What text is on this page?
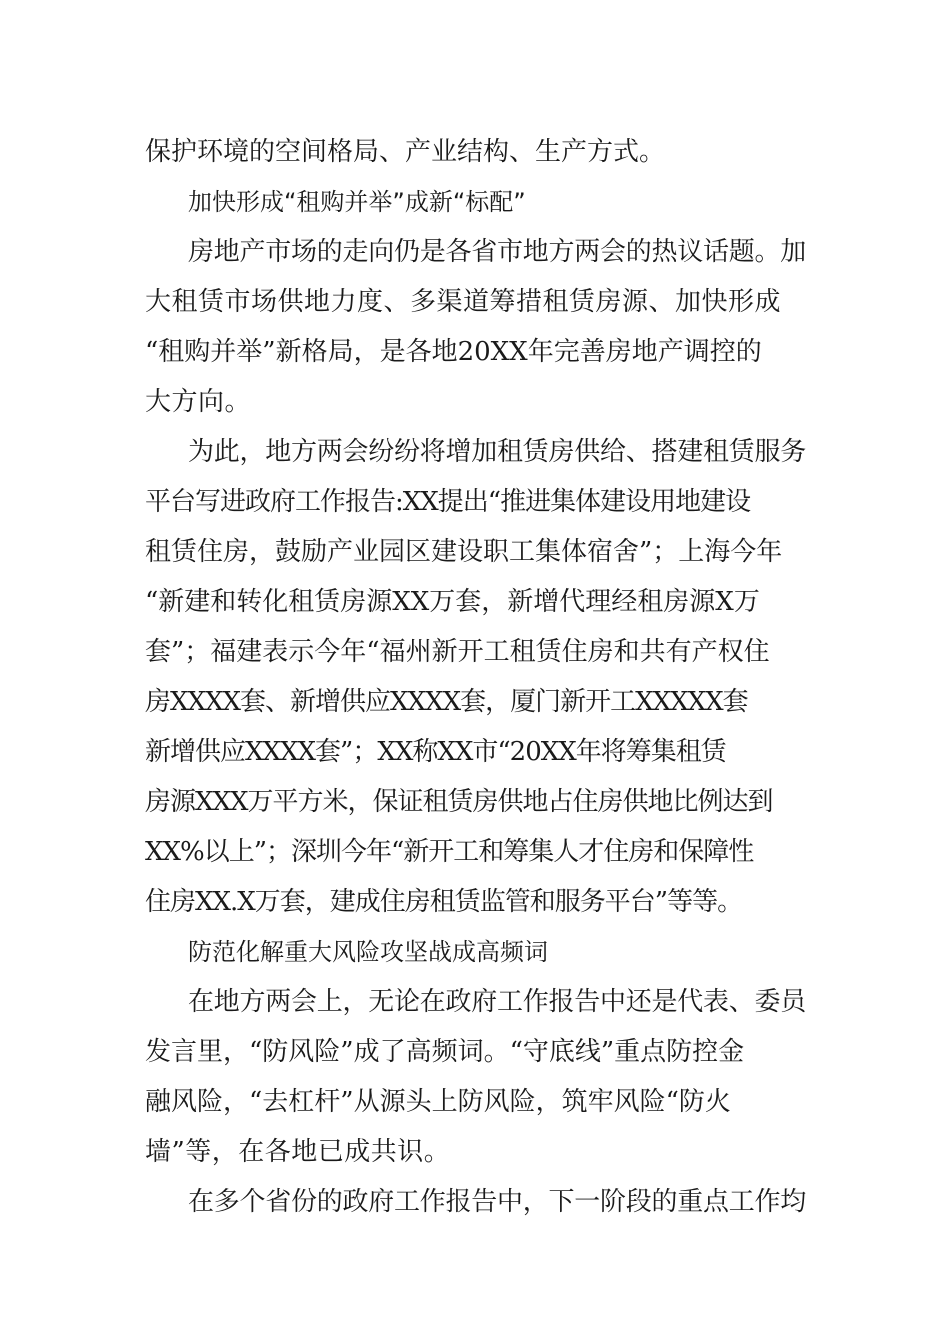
保护环境的空间格局、产业结构、生产方式。
加快形成“租购并举”成新“标配”
房地产市场的走向仍是各省市地方两会的热议话题。加
大租赁市场供地力度、多渠道筹措租赁房源、加快形成
“租购并举”新格局，是各地20XX年完善房地产调控的
大方向。
为此，地方两会纷纷将增加租赁房供给、搭建租赁服务
平台写进政府工作报告:XX提出“推进集体建设用地建设
租赁住房，鼓励产业园区建设职工集体宿舍”；上海今年
“新建和转化租赁房源XX万套，新增代理经租房源X万
套”；福建表示今年“福州新开工租赁住房和共有产权住
房XXXX套、新增供应XXXX套，厦门新开工XXXXX套
新增供应XXXX套”；XX称XX市“20XX年将筹集租赁
房源XXX万平方米，保证租赁房供地占住房供地比例达到
XX%以上”；深圳今年“新开工和筹集人才住房和保障性
住房XX.X万套，建成住房租赁监管和服务平台”等等。
防范化解重大风险攻坚战成高频词
在地方两会上，无论在政府工作报告中还是代表、委员
发言里，“防风险”成了高频词。“守底线”重点防控金
融风险，“去杠杆”从源头上防风险，筑牢风险“防火
墙”等，在各地已成共识。
在多个省份的政府工作报告中，下一阶段的重点工作均
